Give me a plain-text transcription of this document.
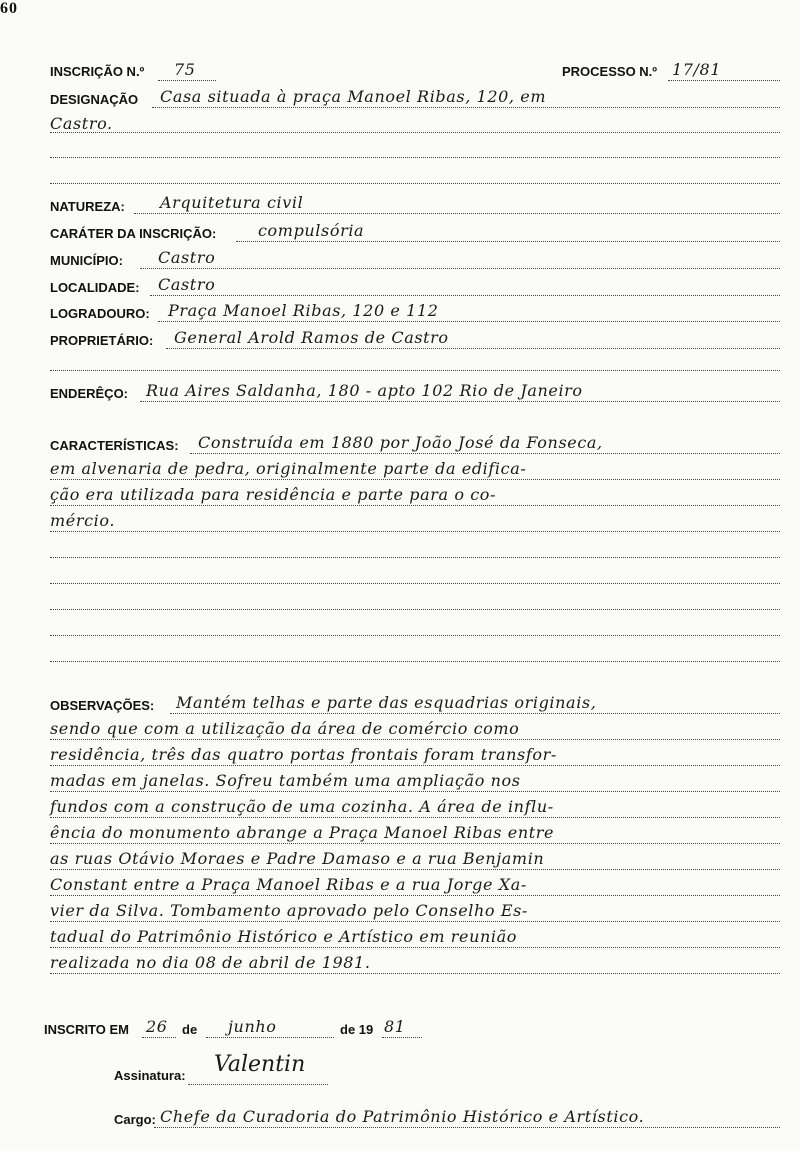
60
INSCRIÇÃO N.º 75	PROCESSO N.º 17/81
DESIGNAÇÃO Casa situada à praça Manoel Ribas, 120, em
Castro.
NATUREZA: Arquitetura civil
CARÁTER DA INSCRIÇÃO:	compulsória
MUNICÍPIO: Castro
LOCALIDADE: Castro
LOGRADOURO: Praça Manoel Ribas, 120 e 112
PROPRIETÁRIO: General Arold Ramos de Castro
ENDERÊÇO: Rua Aires Saldanha, 180 - apto 102 Rio de Janeiro
CARACTERÍSTICAS: Construída em 1880 por João José da Fonseca,
em alvenaria de pedra, originalmente parte da edifica-
ção era utilizada para residência e parte para o co-
mércio.
OBSERVAÇÕES: Mantém telhas e parte das esquadrias originais,
sendo que com a utilização da área de comércio como
residência, três das quatro portas frontais foram transfor-
madas em janelas. Sofreu também uma ampliação nos
fundos com a construção de uma cozinha. A área de influ-
ência do monumento abrange a Praça Manoel Ribas entre
as ruas Otávio Moraes e Padre Damaso e a rua Benjamin
Constant entre a Praça Manoel Ribas e a rua Jorge Xa-
vier da Silva. Tombamento aprovado pelo Conselho Es-
tadual do Patrimônio Histórico e Artístico em reunião
realizada no dia 08 de abril de 1981.
INSCRITO EM 26 de junho	de 19 81
Assinatura: Valentin
Cargo: Chefe da Curadoria do Patrimônio Histórico e Artístico.
